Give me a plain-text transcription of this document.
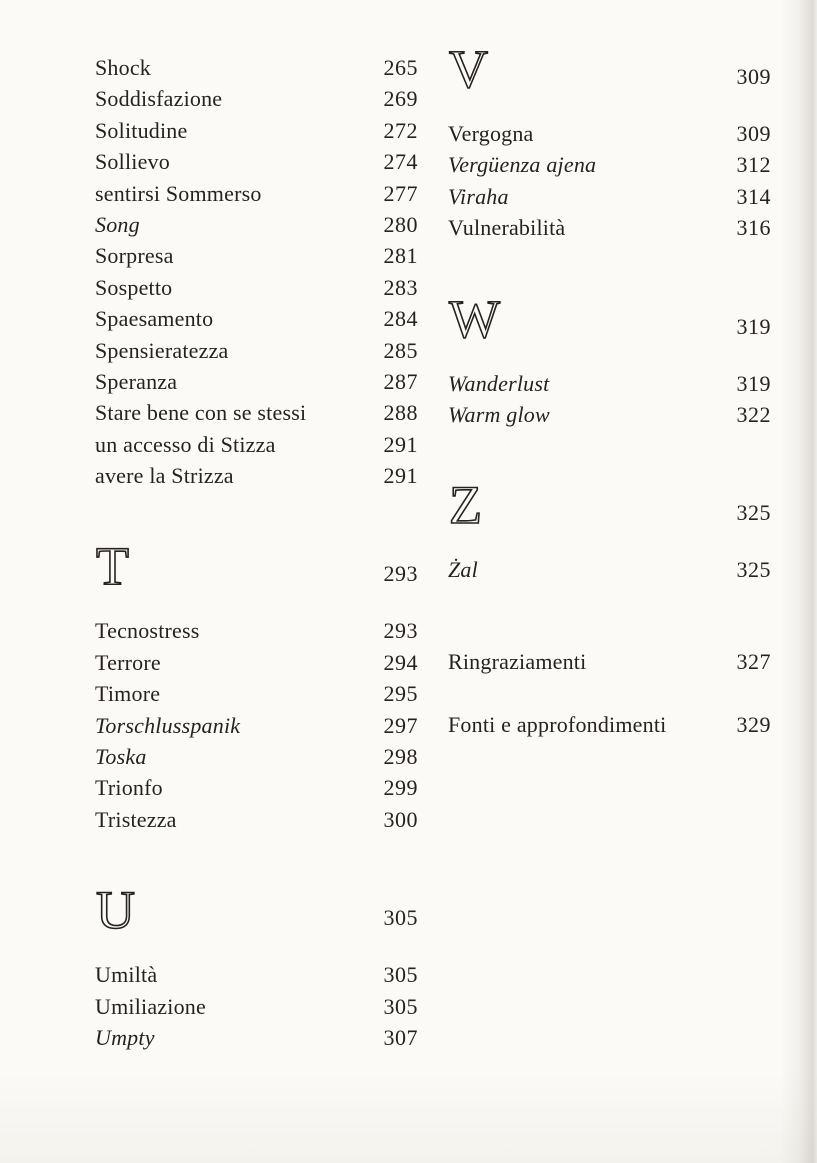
Shock	265
Soddisfazione	269
Solitudine	272
Sollievo	274
sentirsi Sommerso	277
Song	280
Sorpresa	281
Sospetto	283
Spaesamento	284
Spensieratezza	285
Speranza	287
Stare bene con se stessi	288
un accesso di Stizza	291
avere la Strizza	291
T	293
Tecnostress	293
Terrore	294
Timore	295
Torschlusspanik	297
Toska	298
Trionfo	299
Tristezza	300
U	305
Umiltà	305
Umiliazione	305
Umpty	307
V	309
Vergogna	309
Vergüenza ajena	312
Viraha	314
Vulnerabilità	316
W	319
Wanderlust	319
Warm glow	322
Z	325
Żal	325
Ringraziamenti	327
Fonti e approfondimenti	329
